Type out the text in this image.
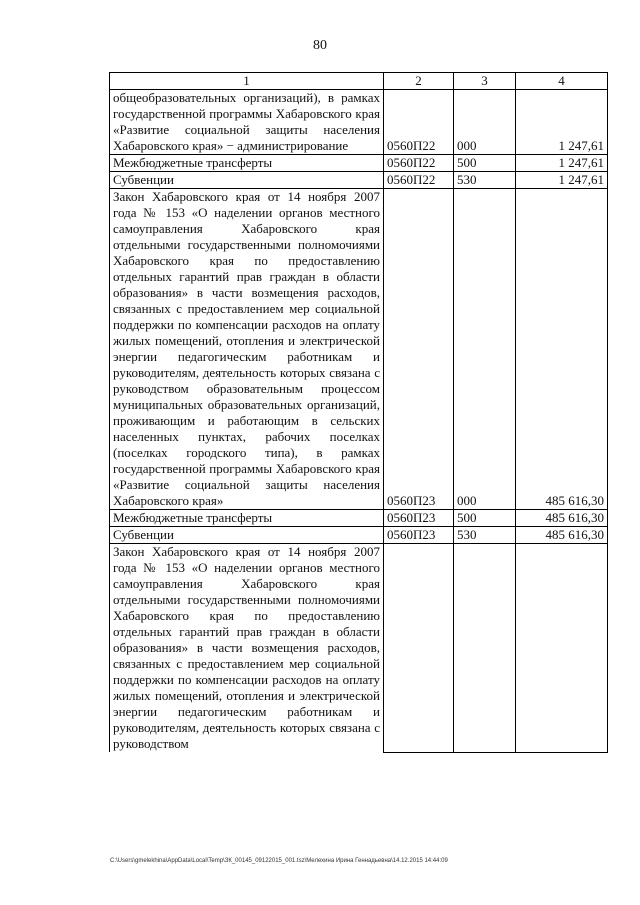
80
1	2	3	4
общеобразовательных организаций), в рамках государственной программы Хабаровского края «Развитие социальной защиты населения Хабаровского края» − администрирование	0560П22	000	1 247,61
Межбюджетные трансферты	0560П22	500	1 247,61
Субвенции	0560П22	530	1 247,61
Закон Хабаровского края от 14 ноября 2007 года № 153 «О наделении органов местного самоуправления Хабаровского края отдельными государственными полномочиями Хабаровского края по предоставлению отдельных гарантий прав граждан в области образования» в части возмещения расходов, связанных с предоставлением мер социальной поддержки по компенсации расходов на оплату жилых помещений, отопления и электрической энергии педагогическим работникам и руководителям, деятельность которых связана с руководством образовательным процессом муниципальных образовательных организаций, проживающим и работающим в сельских населенных пунктах, рабочих поселках (поселках городского типа), в рамках государственной программы Хабаровского края «Развитие социальной защиты населения Хабаровского края»	0560П23	000	485 616,30
Межбюджетные трансферты	0560П23	500	485 616,30
Субвенции	0560П23	530	485 616,30
Закон Хабаровского края от 14 ноября 2007 года № 153 «О наделении органов местного самоуправления Хабаровского края отдельными государственными полномочиями Хабаровского края по предоставлению отдельных гарантий прав граждан в области образования» в части возмещения расходов, связанных с предоставлением мер социальной поддержки по компенсации расходов на оплату жилых помещений, отопления и электрической энергии педагогическим работникам и руководителям, деятельность которых связана с руководством			
C:\Users\gmelekhina\AppData\Local\Temp\ЗК_00145_09122015_001.tsz\Мелехина Ирина Геннадьевна\14.12.2015 14:44:09
